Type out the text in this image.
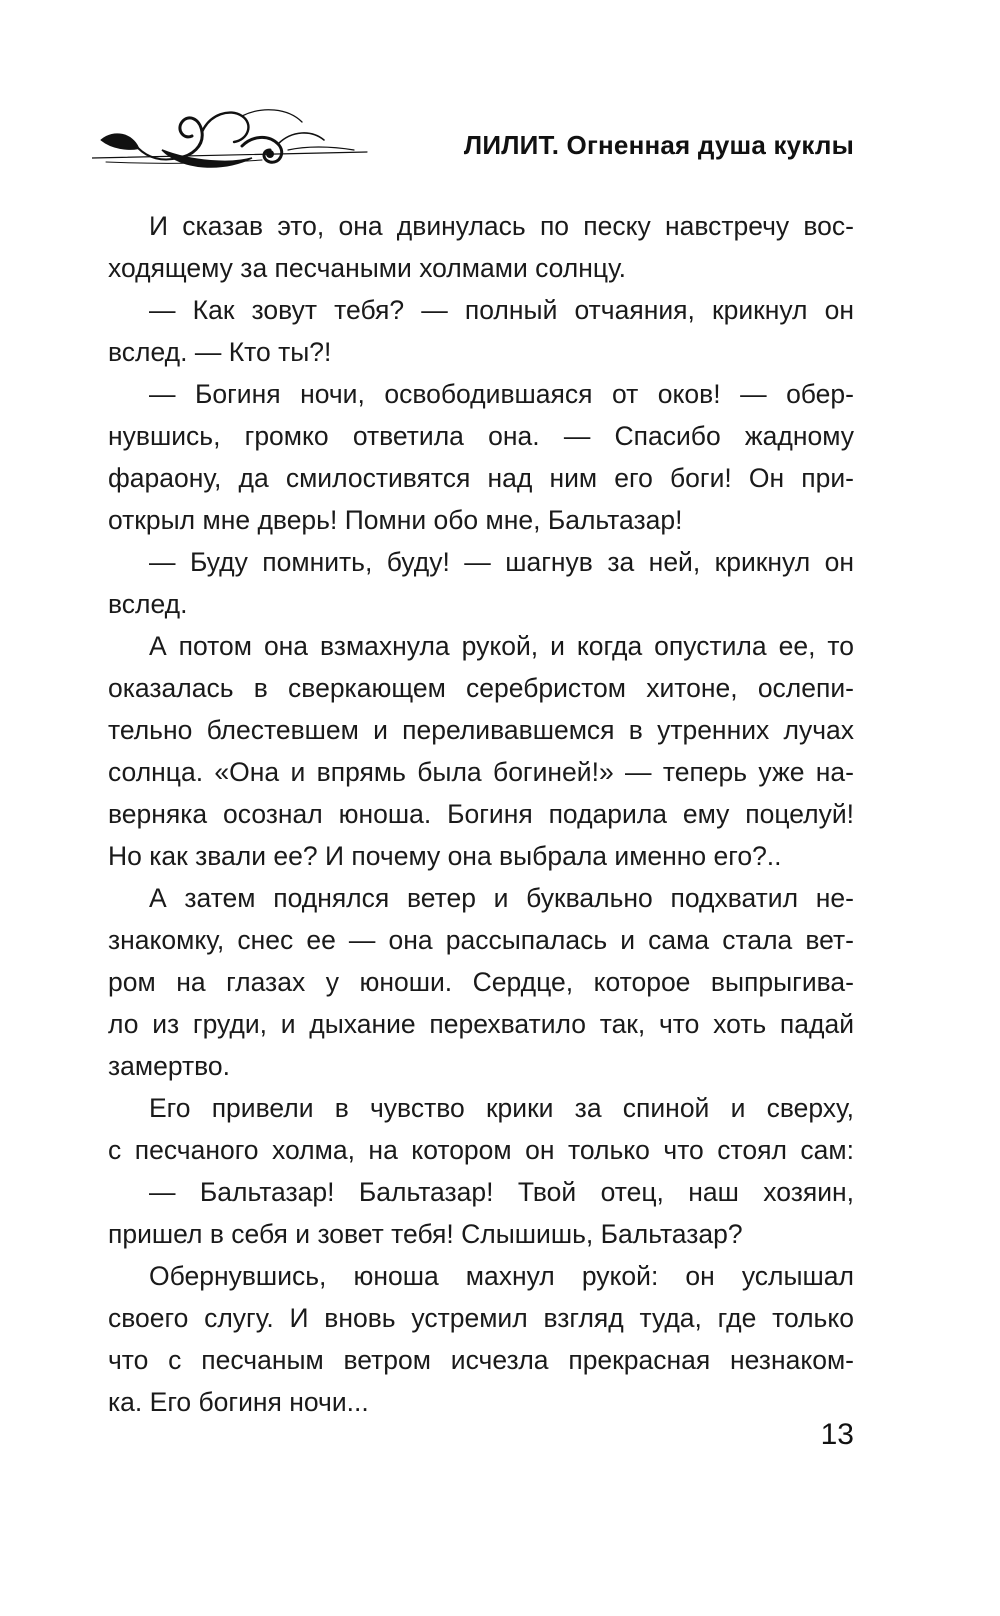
ЛИЛИТ. Огненная душа куклы
И сказав это, она двинулась по песку навстречу вос-
ходящему за песчаными холмами солнцу.
— Как зовут тебя? — полный отчаяния, крикнул он
вслед. — Кто ты?!
— Богиня ночи, освободившаяся от оков! — обер-
нувшись, громко ответила она. — Спасибо жадному
фараону, да смилостивятся над ним его боги! Он при-
открыл мне дверь! Помни обо мне, Бальтазар!
— Буду помнить, буду! — шагнув за ней, крикнул он
вслед.
А потом она взмахнула рукой, и когда опустила ее, то
оказалась в сверкающем серебристом хитоне, ослепи-
тельно блестевшем и переливавшемся в утренних лучах
солнца. «Она и впрямь была богиней!» — теперь уже на-
верняка осознал юноша. Богиня подарила ему поцелуй!
Но как звали ее? И почему она выбрала именно его?..
А затем поднялся ветер и буквально подхватил не-
знакомку, снес ее — она рассыпалась и сама стала вет-
ром на глазах у юноши. Сердце, которое выпрыгива-
ло из груди, и дыхание перехватило так, что хоть падай
замертво.
Его привели в чувство крики за спиной и сверху,
с песчаного холма, на котором он только что стоял сам:
— Бальтазар! Бальтазар! Твой отец, наш хозяин,
пришел в себя и зовет тебя! Слышишь, Бальтазар?
Обернувшись, юноша махнул рукой: он услышал
своего слугу. И вновь устремил взгляд туда, где только
что с песчаным ветром исчезла прекрасная незнаком-
ка. Его богиня ночи...
13
